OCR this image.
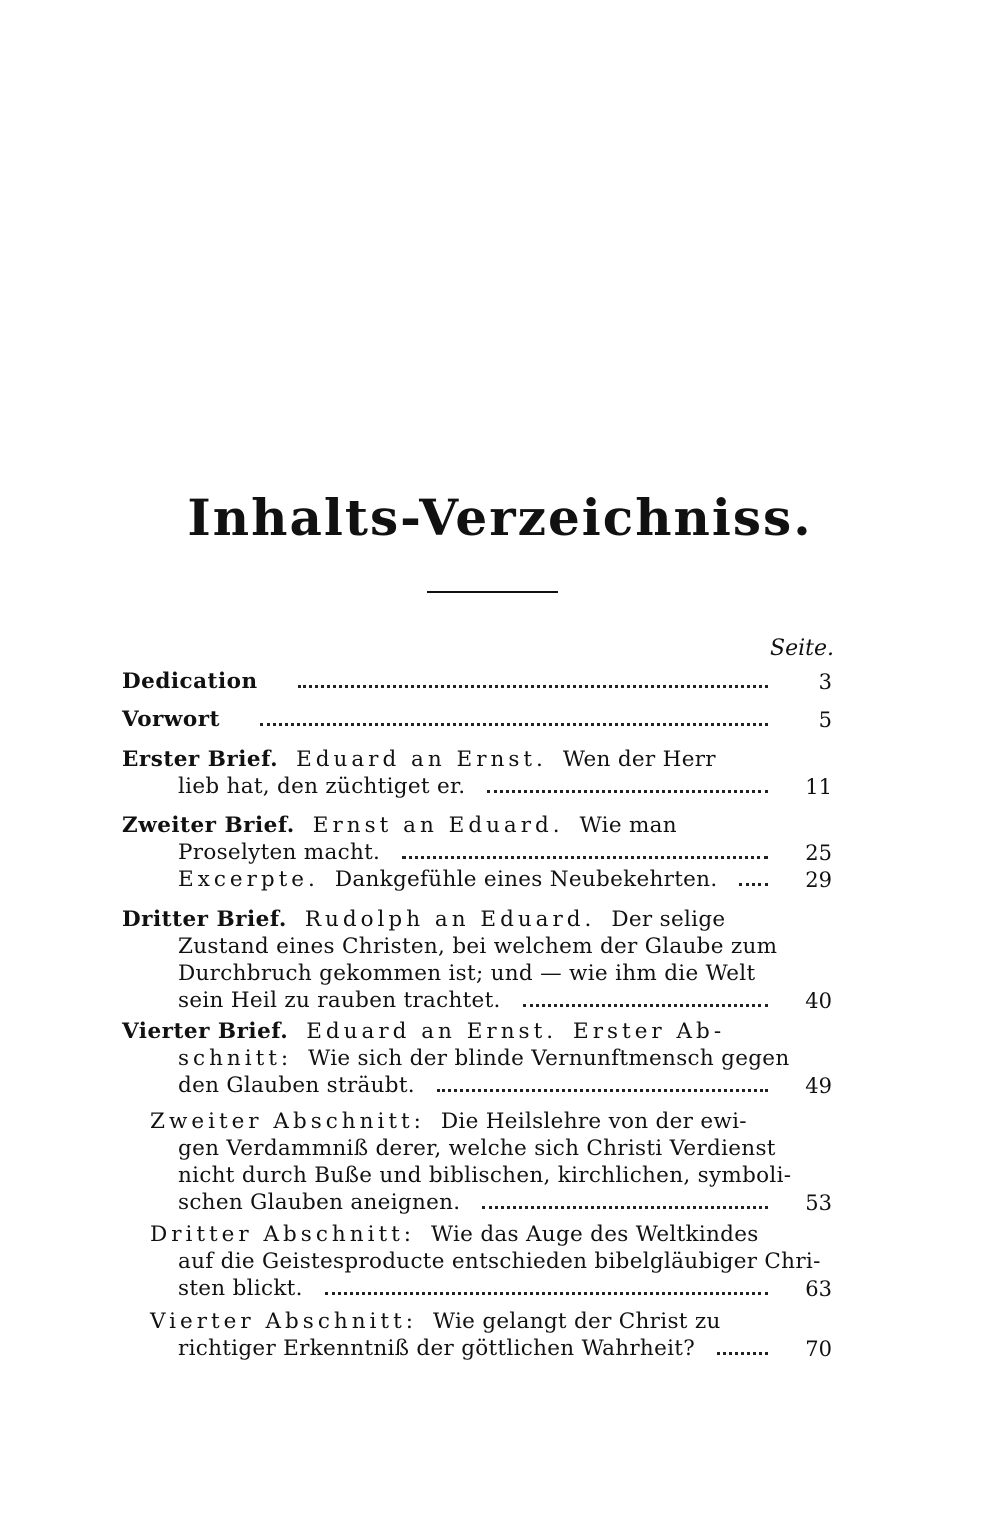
Inhalts-Verzeichniss.
Seite.
Dedication	3
Vorwort	5
Erster Brief. Eduard an Ernst. Wen der Herr
lieb hat, den züchtiget er.	11
Zweiter Brief. Ernst an Eduard. Wie man
Proselyten macht.	25
Excerpte. Dankgefühle eines Neubekehrten.	29
Dritter Brief. Rudolph an Eduard. Der selige
Zustand eines Christen, bei welchem der Glaube zum
Durchbruch gekommen ist; und — wie ihm die Welt
sein Heil zu rauben trachtet.	40
Vierter Brief. Eduard an Ernst. Erster Ab-
schnitt: Wie sich der blinde Vernunftmensch gegen
den Glauben sträubt.	49
Zweiter Abschnitt: Die Heilslehre von der ewi-
gen Verdammniß derer, welche sich Christi Verdienst
nicht durch Buße und biblischen, kirchlichen, symboli-
schen Glauben aneignen.	53
Dritter Abschnitt: Wie das Auge des Weltkindes
auf die Geistesproducte entschieden bibelgläubiger Chri-
sten blickt.	63
Vierter Abschnitt: Wie gelangt der Christ zu
richtiger Erkenntniß der göttlichen Wahrheit?	70
